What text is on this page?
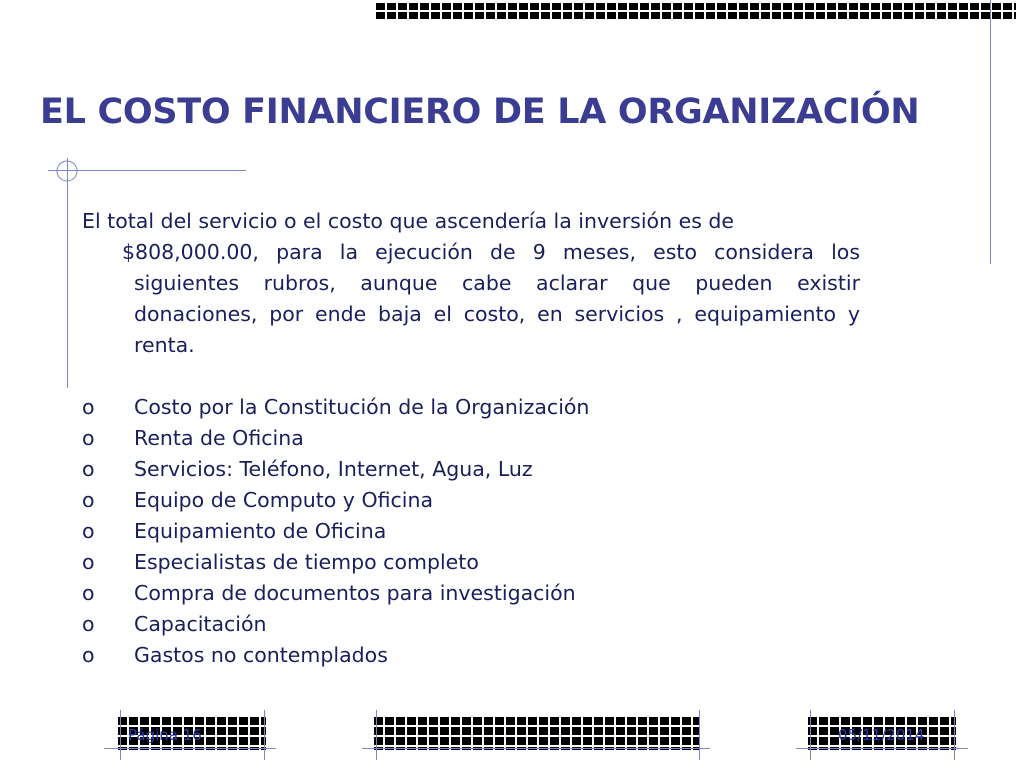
EL COSTO FINANCIERO DE LA ORGANIZACIÓN
El total del servicio o el costo que ascendería la inversión es de
$808,000.00, para la ejecución de 9 meses, esto considera los siguientes rubros, aunque cabe aclarar que pueden existir donaciones, por ende baja el costo, en servicios , equipamiento y renta.
o	Costo por la Constitución de la Organización
o	Renta de Oficina
o	Servicios: Teléfono, Internet, Agua, Luz
o	Equipo de Computo y Oficina
o	Equipamiento de Oficina
o	Especialistas de tiempo completo
o	Compra de documentos para investigación
o	Capacitación
o	Gastos no contemplados
Página 16	05/11/2014
